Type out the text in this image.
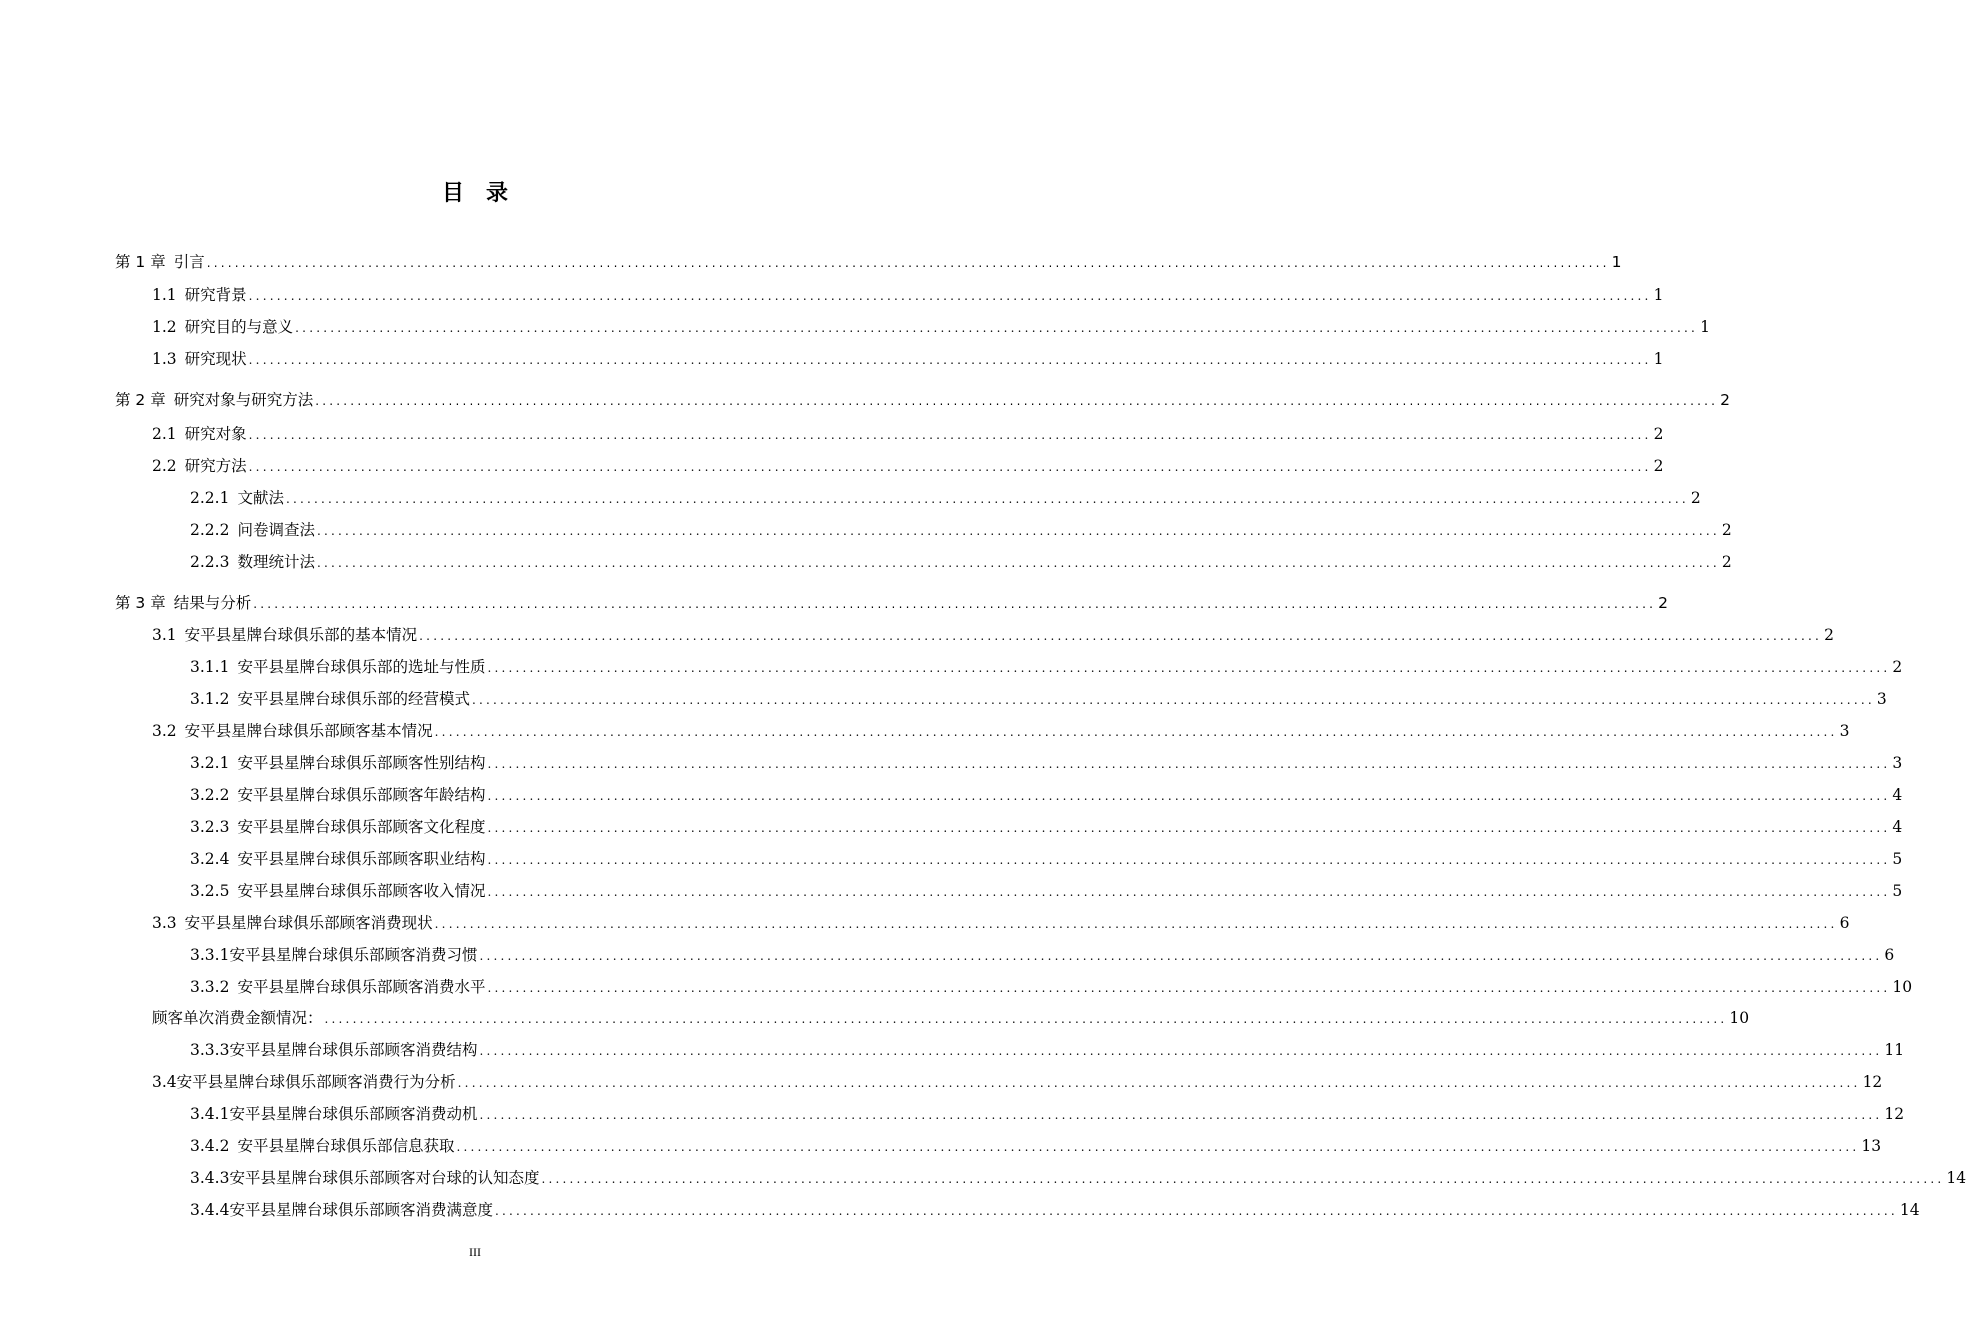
目 录
第 1 章 引言 ........................................................................................................................................................................................................ 1
1.1 研究背景 ........................................................................................................................................................................................................ 1
1.2 研究目的与意义 ........................................................................................................................................................................................................ 1
1.3 研究现状 ........................................................................................................................................................................................................ 1
第 2 章 研究对象与研究方法 ........................................................................................................................................................................................................ 2
2.1 研究对象 ........................................................................................................................................................................................................ 2
2.2 研究方法 ........................................................................................................................................................................................................ 2
2.2.1 文献法 ........................................................................................................................................................................................................ 2
2.2.2 问卷调查法 ........................................................................................................................................................................................................ 2
2.2.3 数理统计法 ........................................................................................................................................................................................................ 2
第 3 章 结果与分析 ........................................................................................................................................................................................................ 2
3.1 安平县星牌台球俱乐部的基本情况 ........................................................................................................................................................................................................ 2
3.1.1 安平县星牌台球俱乐部的选址与性质 ........................................................................................................................................................................................................ 2
3.1.2 安平县星牌台球俱乐部的经营模式 ........................................................................................................................................................................................................ 3
3.2 安平县星牌台球俱乐部顾客基本情况 ........................................................................................................................................................................................................ 3
3.2.1 安平县星牌台球俱乐部顾客性别结构 ........................................................................................................................................................................................................ 3
3.2.2 安平县星牌台球俱乐部顾客年龄结构 ........................................................................................................................................................................................................ 4
3.2.3 安平县星牌台球俱乐部顾客文化程度 ........................................................................................................................................................................................................ 4
3.2.4 安平县星牌台球俱乐部顾客职业结构 ........................................................................................................................................................................................................ 5
3.2.5 安平县星牌台球俱乐部顾客收入情况 ........................................................................................................................................................................................................ 5
3.3 安平县星牌台球俱乐部顾客消费现状 ........................................................................................................................................................................................................ 6
3.3.1安平县星牌台球俱乐部顾客消费习惯 ........................................................................................................................................................................................................ 6
3.3.2 安平县星牌台球俱乐部顾客消费水平 ........................................................................................................................................................................................................ 10
顾客单次消费金额情况： ........................................................................................................................................................................................................ 10
3.3.3安平县星牌台球俱乐部顾客消费结构 ........................................................................................................................................................................................................ 11
3.4安平县星牌台球俱乐部顾客消费行为分析 ........................................................................................................................................................................................................ 12
3.4.1安平县星牌台球俱乐部顾客消费动机 ........................................................................................................................................................................................................ 12
3.4.2 安平县星牌台球俱乐部信息获取 ........................................................................................................................................................................................................ 13
3.4.3安平县星牌台球俱乐部顾客对台球的认知态度 ........................................................................................................................................................................................................ 14
3.4.4安平县星牌台球俱乐部顾客消费满意度 ........................................................................................................................................................................................................ 14
III
